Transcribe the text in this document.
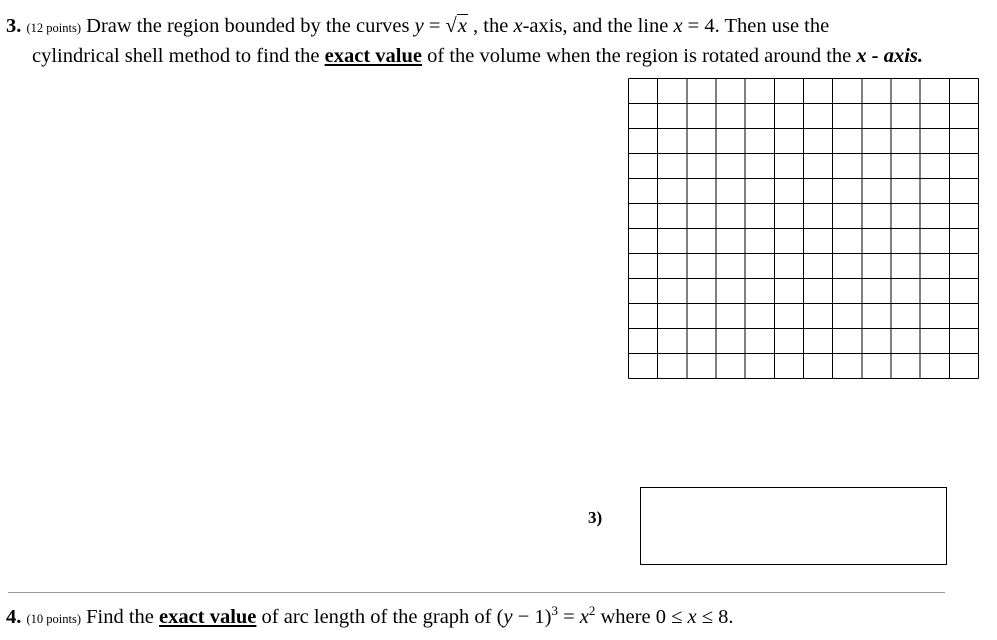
3. (12 points) Draw the region bounded by the curves y = √x , the x-axis, and the line x = 4. Then use the
cylindrical shell method to find the exact value of the volume when the region is rotated around the x - axis.
3)
4. (10 points) Find the exact value of arc length of the graph of $(y - 1)^3 = x^2$ where 0 ≤ x ≤ 8.
